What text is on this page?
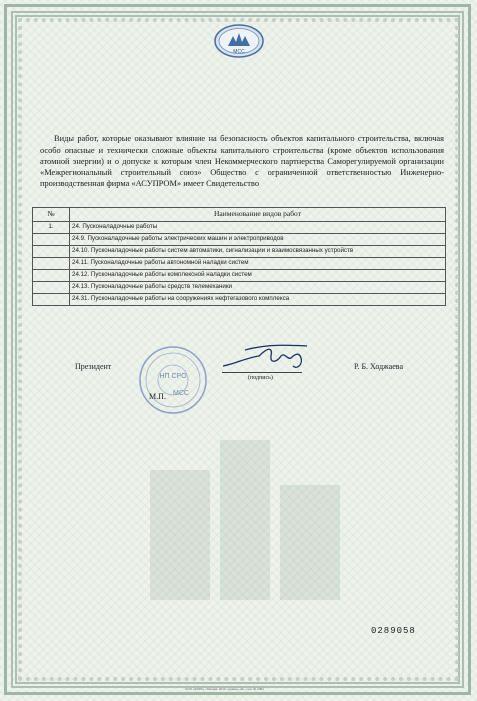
МСС

Виды работ, которые оказывают влияние на безопасность объектов капитального строительства, включая особо опасные и технически сложные объекты капитального строительства (кроме объектов использования атомной энергии) и о допуске к которым член Некоммерческого партнерства Саморегулируемой организации «Межрегиональный строительный союз» Общество с ограниченной ответственностью Инженерно-производственная фирма «АСУПРОМ» имеет Свидетельство

№	Наименование видов работ
1.	24. Пусконаладочные работы
	24.9. Пусконаладочные работы электрических машин и электроприводов
	24.10. Пусконаладочные работы систем автоматики, сигнализации и взаимосвязанных устройств
	24.11. Пусконаладочные работы автономной наладки систем
	24.12. Пусконаладочные работы комплексной наладки систем
	24.13. Пусконаладочные работы средств телемеханики
	24.31. Пусконаладочные работы на сооружениях нефтегазового комплекса
Президент
НП СРО
МСС
М.П.
(подпись)
Р. Б. Ходжаева
0289058
ООО «ФОРА» г.Москва, 2012, уровень «Б», лиц. № 1054
